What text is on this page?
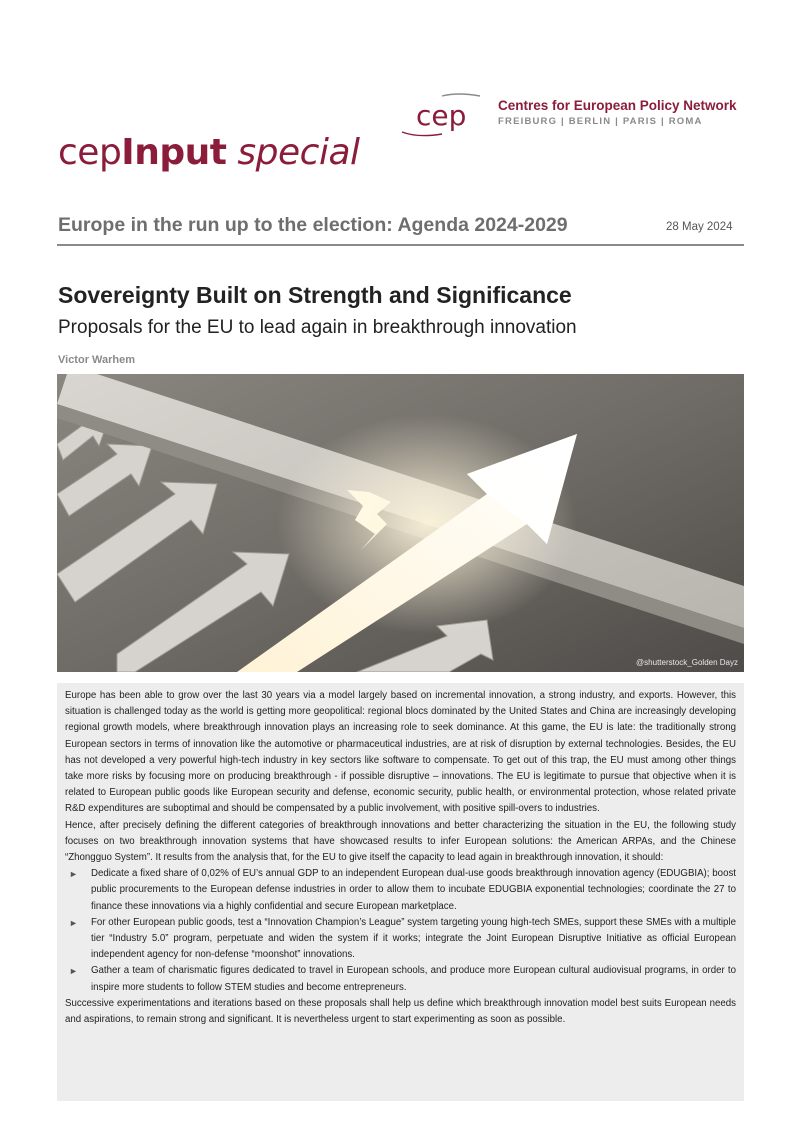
cep Centres for European Policy Network
FREIBURG | BERLIN | PARIS | ROMA
cepInput special
Europe in the run up to the election: Agenda 2024-2029	28 May 2024
Sovereignty Built on Strength and Significance
Proposals for the EU to lead again in breakthrough innovation
Victor Warhem
@shutterstock_Golden Dayz

Europe has been able to grow over the last 30 years via a model largely based on incremental innovation, a strong industry, and exports. However, this situation is challenged today as the world is getting more geopolitical: regional blocs dominated by the United States and China are increasingly developing regional growth models, where breakthrough innovation plays an increasing role to seek dominance. At this game, the EU is late: the traditionally strong European sectors in terms of innovation like the automotive or pharmaceutical industries, are at risk of disruption by external technologies. Besides, the EU has not developed a very powerful high-tech industry in key sectors like software to compensate. To get out of this trap, the EU must among other things take more risks by focusing more on producing breakthrough - if possible disruptive – innovations. The EU is legitimate to pursue that objective when it is related to European public goods like European security and defense, economic security, public health, or environmental protection, whose related private R&D expenditures are suboptimal and should be compensated by a public involvement, with positive spill-overs to industries.

Hence, after precisely defining the different categories of breakthrough innovations and better characterizing the situation in the EU, the following study focuses on two breakthrough innovation systems that have showcased results to infer European solutions: the American ARPAs, and the Chinese “Zhongguo System”. It results from the analysis that, for the EU to give itself the capacity to lead again in breakthrough innovation, it should:

► Dedicate a fixed share of 0,02% of EU’s annual GDP to an independent European dual-use goods breakthrough innovation agency (EDUGBIA); boost public procurements to the European defense industries in order to allow them to incubate EDUGBIA exponential technologies; coordinate the 27 to finance these innovations via a highly confidential and secure European marketplace.
► For other European public goods, test a “Innovation Champion’s League” system targeting young high-tech SMEs, support these SMEs with a multiple tier “Industry 5.0” program, perpetuate and widen the system if it works; integrate the Joint European Disruptive Initiative as official European independent agency for non-defense “moonshot” innovations.
► Gather a team of charismatic figures dedicated to travel in European schools, and produce more European cultural audiovisual programs, in order to inspire more students to follow STEM studies and become entrepreneurs.

Successive experimentations and iterations based on these proposals shall help us define which breakthrough innovation model best suits European needs and aspirations, to remain strong and significant. It is nevertheless urgent to start experimenting as soon as possible.
